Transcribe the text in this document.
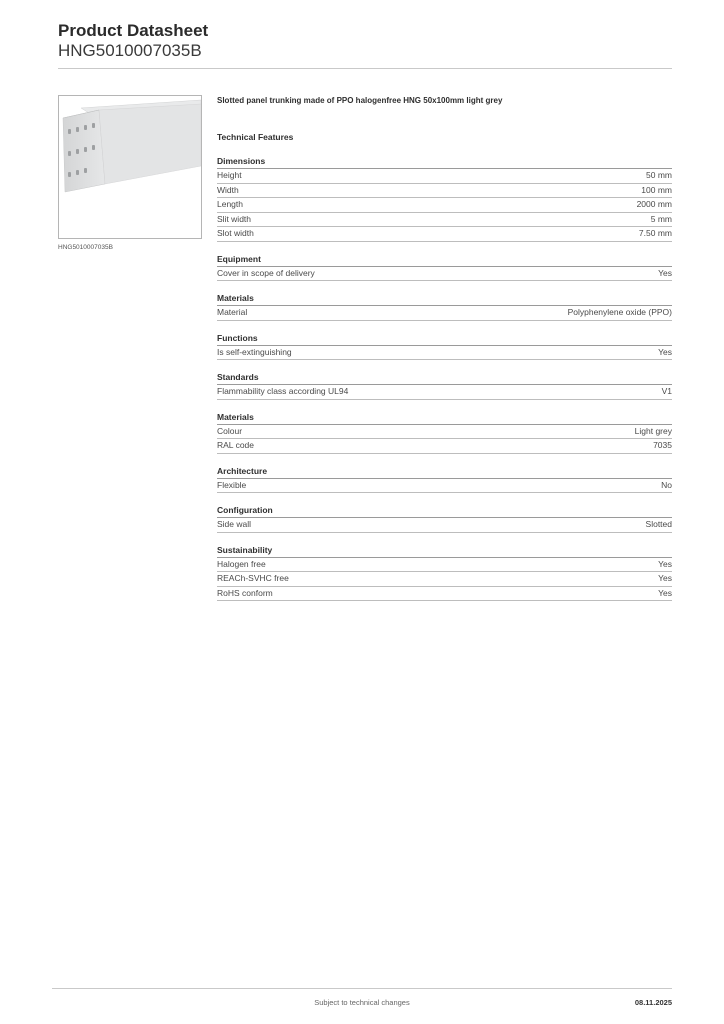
Product Datasheet
HNG5010007035B
HNG5010007035B
Slotted panel trunking made of PPO halogenfree HNG 50x100mm light grey
Technical Features
Dimensions
Height	50 mm
Width	100 mm
Length	2000 mm
Slit width	5 mm
Slot width	7.50 mm
Equipment
Cover in scope of delivery	Yes
Materials
Material	Polyphenylene oxide (PPO)
Functions
Is self-extinguishing	Yes
Standards
Flammability class according UL94	V1
Materials
Colour	Light grey
RAL code	7035
Architecture
Flexible	No
Configuration
Side wall	Slotted
Sustainability
Halogen free	Yes
REACh-SVHC free	Yes
RoHS conform	Yes
Subject to technical changes	08.11.2025
